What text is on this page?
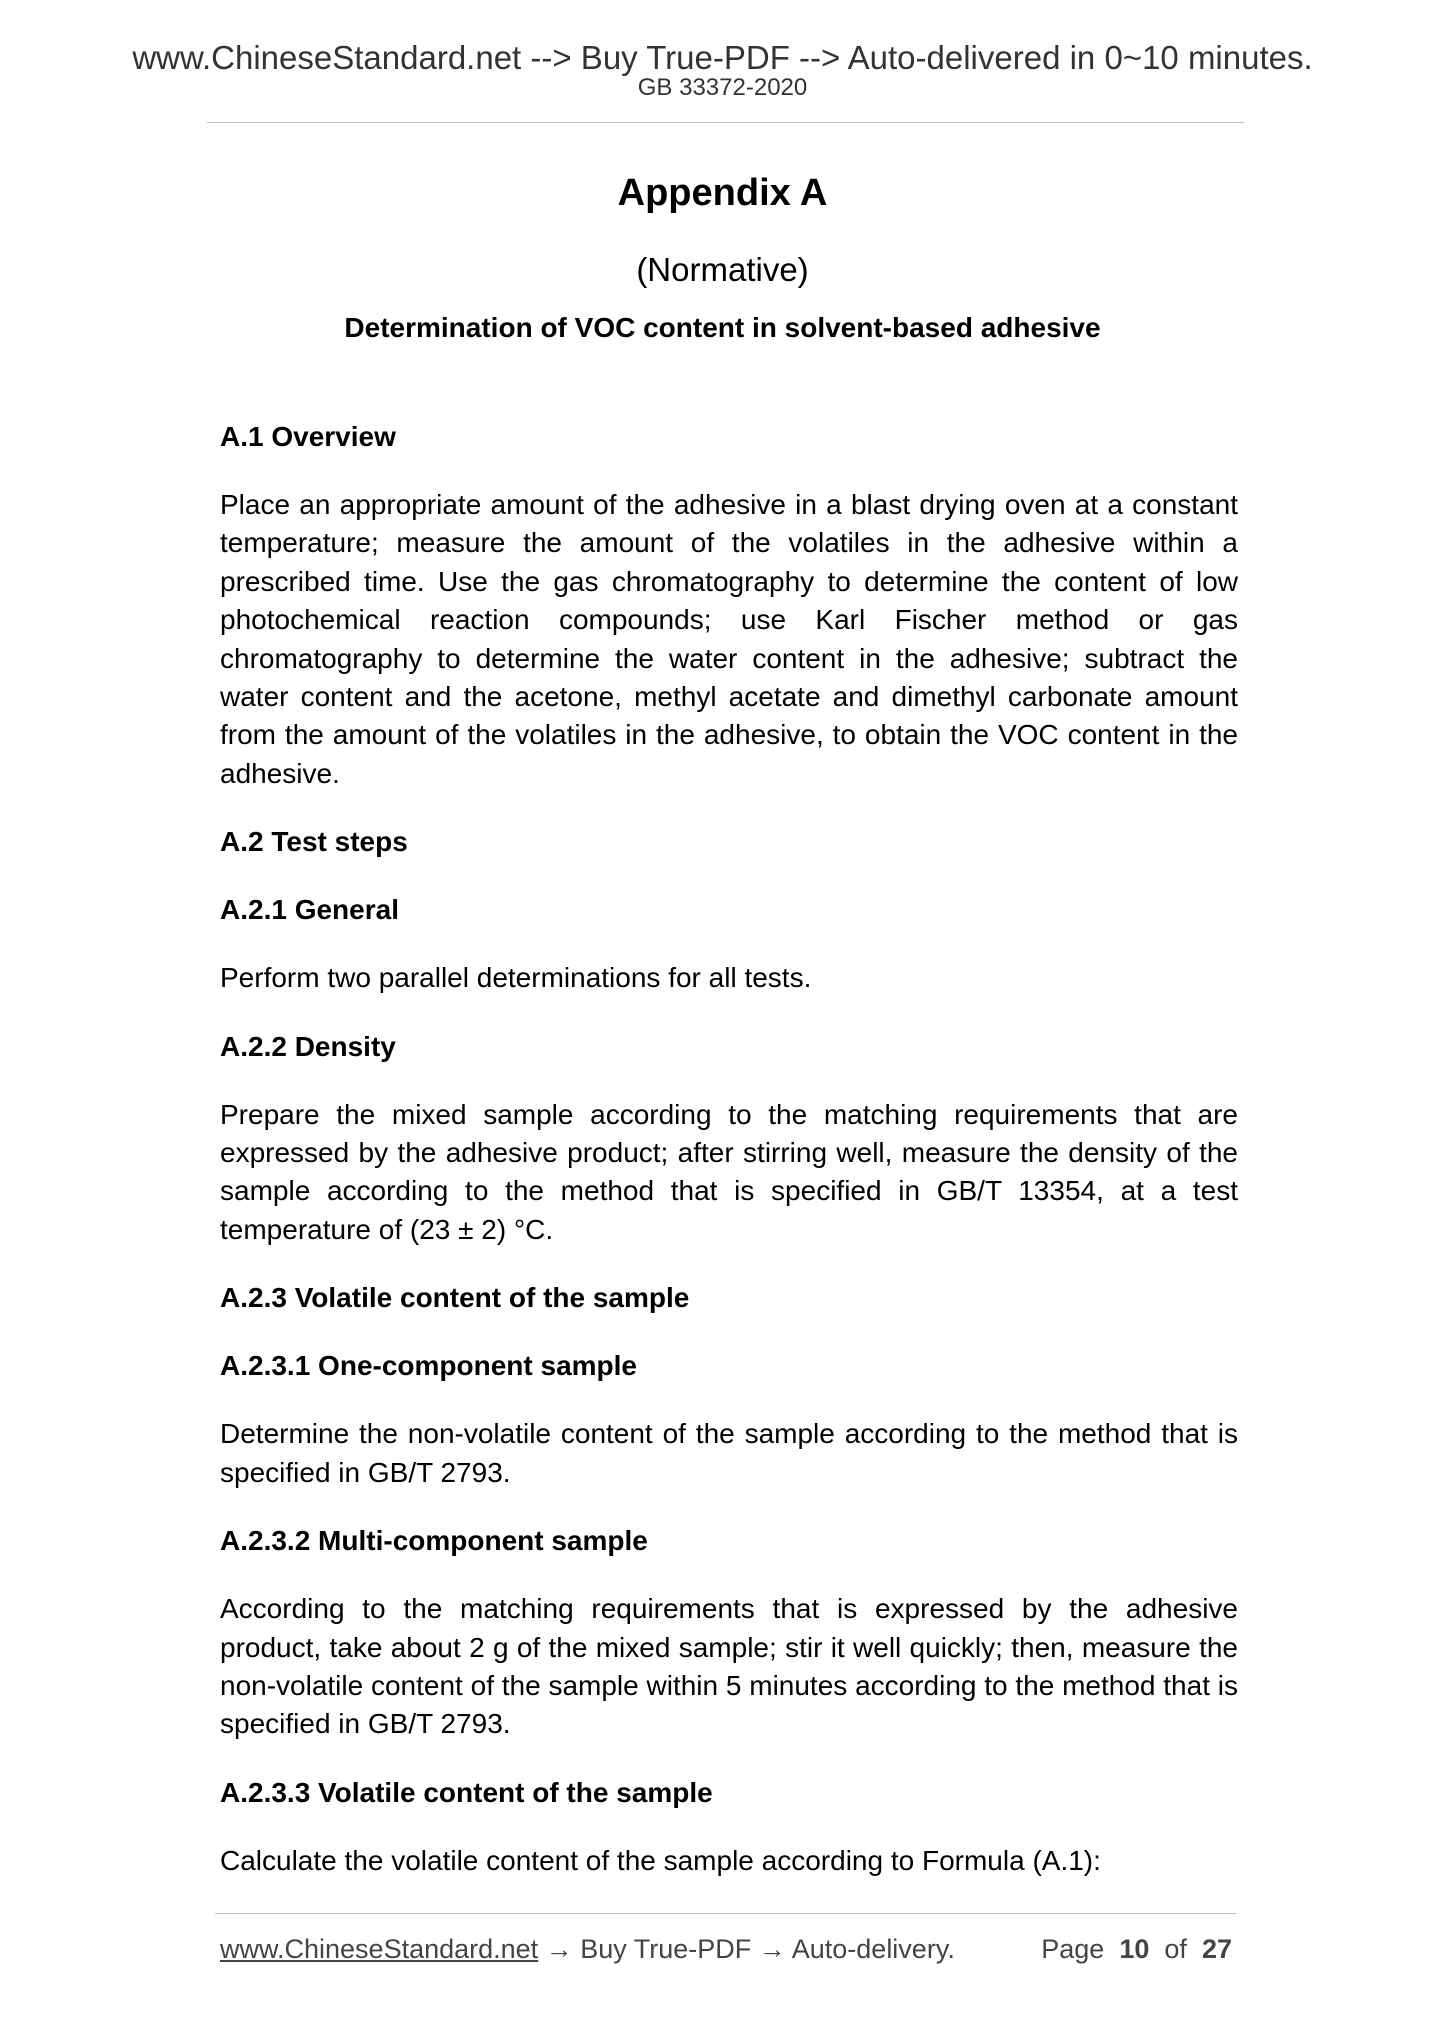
www.ChineseStandard.net --> Buy True-PDF --> Auto-delivered in 0~10 minutes.
GB 33372-2020
Appendix A
(Normative)
Determination of VOC content in solvent-based adhesive
A.1 Overview
Place an appropriate amount of the adhesive in a blast drying oven at a constant temperature; measure the amount of the volatiles in the adhesive within a prescribed time. Use the gas chromatography to determine the content of low photochemical reaction compounds; use Karl Fischer method or gas chromatography to determine the water content in the adhesive; subtract the water content and the acetone, methyl acetate and dimethyl carbonate amount from the amount of the volatiles in the adhesive, to obtain the VOC content in the adhesive.
A.2 Test steps
A.2.1 General
Perform two parallel determinations for all tests.
A.2.2 Density
Prepare the mixed sample according to the matching requirements that are expressed by the adhesive product; after stirring well, measure the density of the sample according to the method that is specified in GB/T 13354, at a test temperature of (23 ± 2) °C.
A.2.3 Volatile content of the sample
A.2.3.1 One-component sample
Determine the non-volatile content of the sample according to the method that is specified in GB/T 2793.
A.2.3.2 Multi-component sample
According to the matching requirements that is expressed by the adhesive product, take about 2 g of the mixed sample; stir it well quickly; then, measure the non-volatile content of the sample within 5 minutes according to the method that is specified in GB/T 2793.
A.2.3.3 Volatile content of the sample
Calculate the volatile content of the sample according to Formula (A.1):
www.ChineseStandard.net → Buy True-PDF → Auto-delivery.	Page 10 of 27
